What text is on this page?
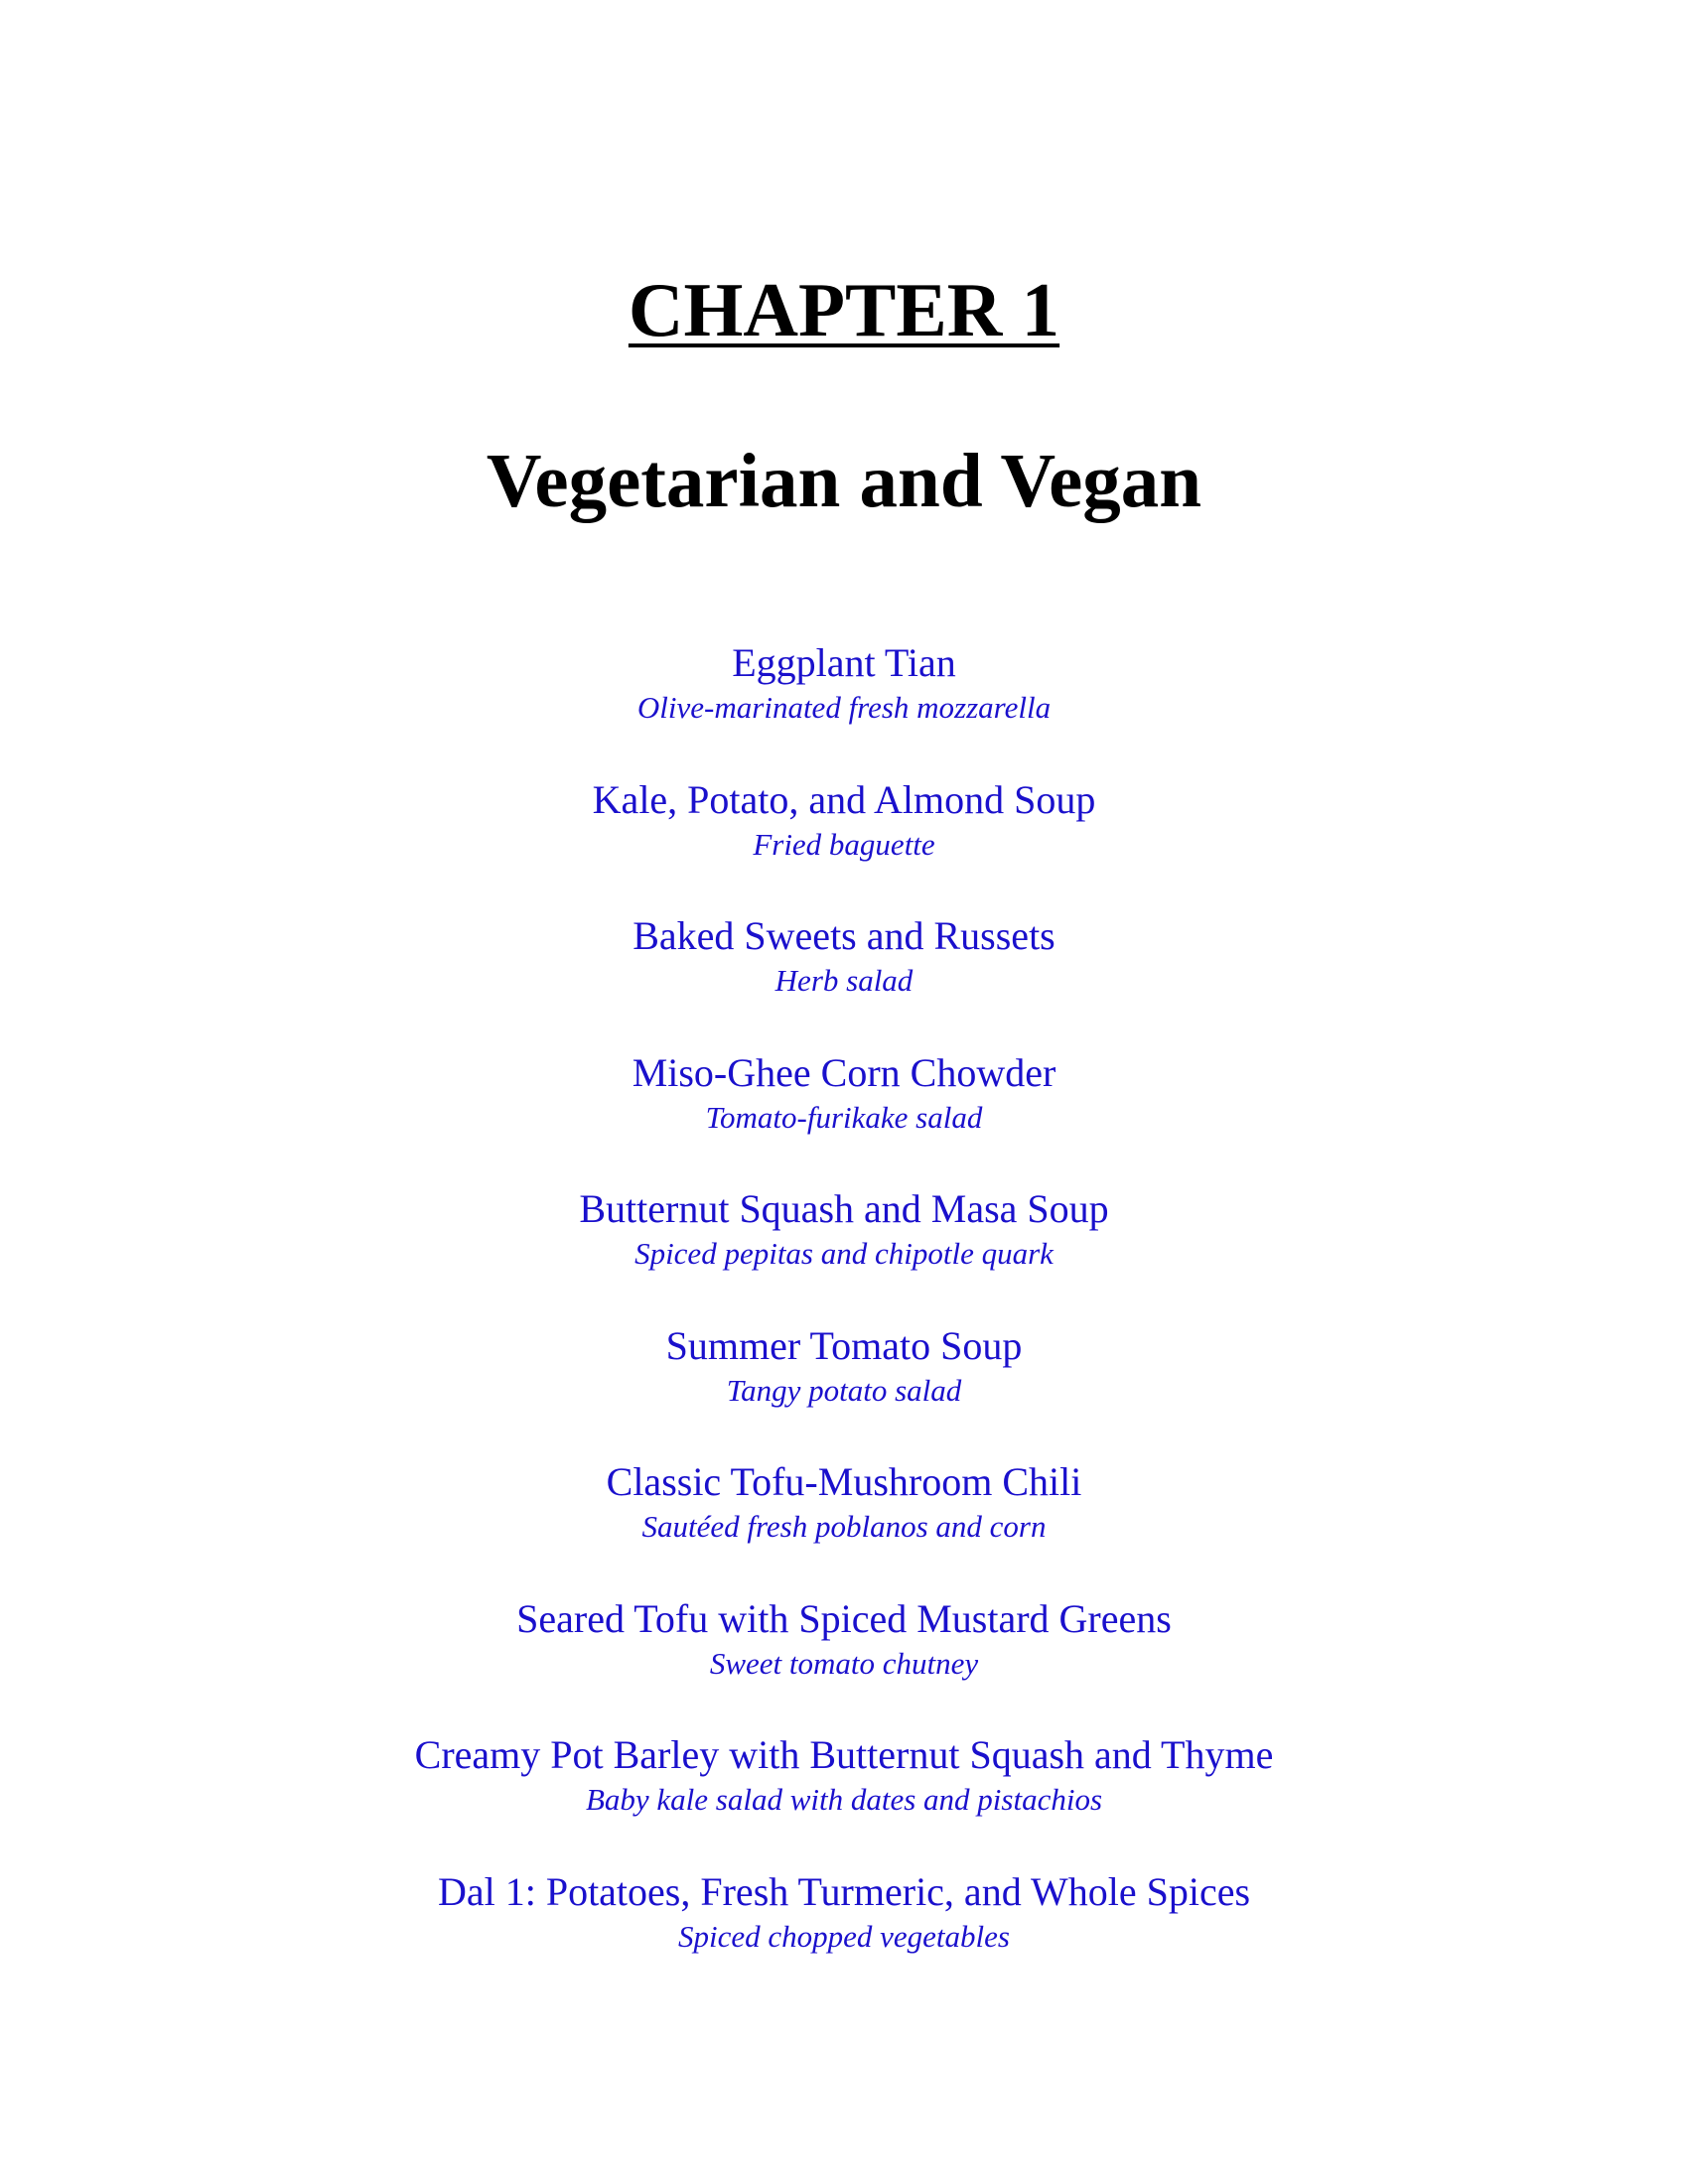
CHAPTER 1
Vegetarian and Vegan
Eggplant Tian
Olive-marinated fresh mozzarella
Kale, Potato, and Almond Soup
Fried baguette
Baked Sweets and Russets
Herb salad
Miso-Ghee Corn Chowder
Tomato-furikake salad
Butternut Squash and Masa Soup
Spiced pepitas and chipotle quark
Summer Tomato Soup
Tangy potato salad
Classic Tofu-Mushroom Chili
Sautéed fresh poblanos and corn
Seared Tofu with Spiced Mustard Greens
Sweet tomato chutney
Creamy Pot Barley with Butternut Squash and Thyme
Baby kale salad with dates and pistachios
Dal 1: Potatoes, Fresh Turmeric, and Whole Spices
Spiced chopped vegetables
